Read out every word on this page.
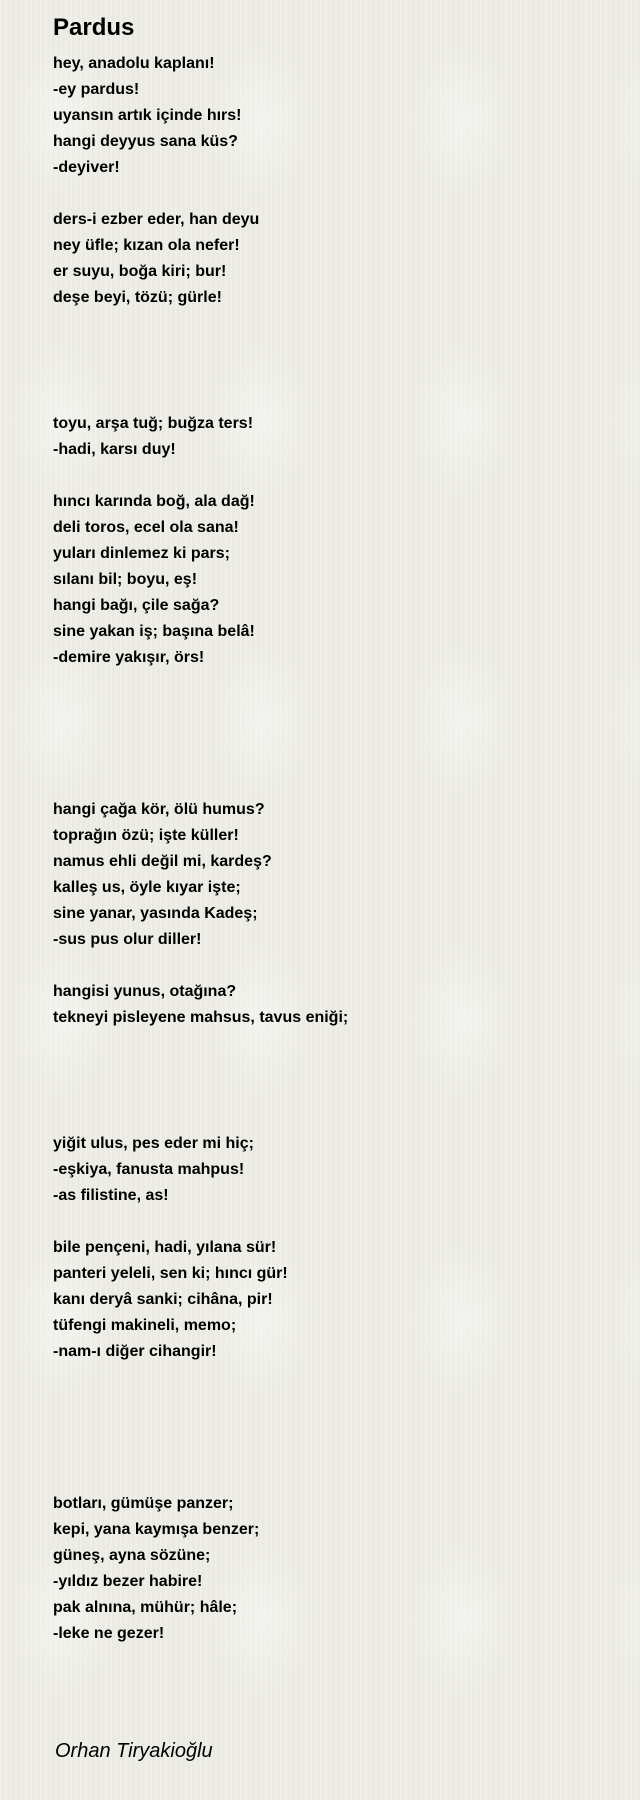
Pardus
hey, anadolu kaplanı!
-ey pardus!
uyansın artık içinde hırs!
hangi deyyus sana küs?
-deyiver!
ders-i ezber eder, han deyu
ney üfle; kızan ola nefer!
er suyu, boğa kiri; bur!
deşe beyi, tözü; gürle!
toyu, arşa tuğ; buğza ters!
-hadi, karsı duy!
hıncı karında boğ, ala dağ!
deli toros, ecel ola sana!
yuları dinlemez ki pars;
sılanı bil; boyu, eş!
hangi bağı, çile sağa?
sine yakan iş; başına belâ!
-demire yakışır, örs!
hangi çağa kör, ölü humus?
toprağın özü; işte küller!
namus ehli değil mi, kardeş?
kalleş us, öyle kıyar işte;
sine yanar, yasında Kadeş;
-sus pus olur diller!
hangisi yunus, otağına?
tekneyi pisleyene mahsus, tavus eniği;
yiğit ulus, pes eder mi hiç;
-eşkiya, fanusta mahpus!
-as filistine, as!
bile pençeni, hadi, yılana sür!
panteri yeleli, sen ki; hıncı gür!
kanı deryâ sanki; cihâna, pir!
tüfengi makineli, memo;
-nam-ı diğer cihangir!
botları, gümüşe panzer;
kepi, yana kaymışa benzer;
güneş, ayna sözüne;
-yıldız bezer habire!
pak alnına, mühür; hâle;
-leke ne gezer!
Orhan Tiryakioğlu
